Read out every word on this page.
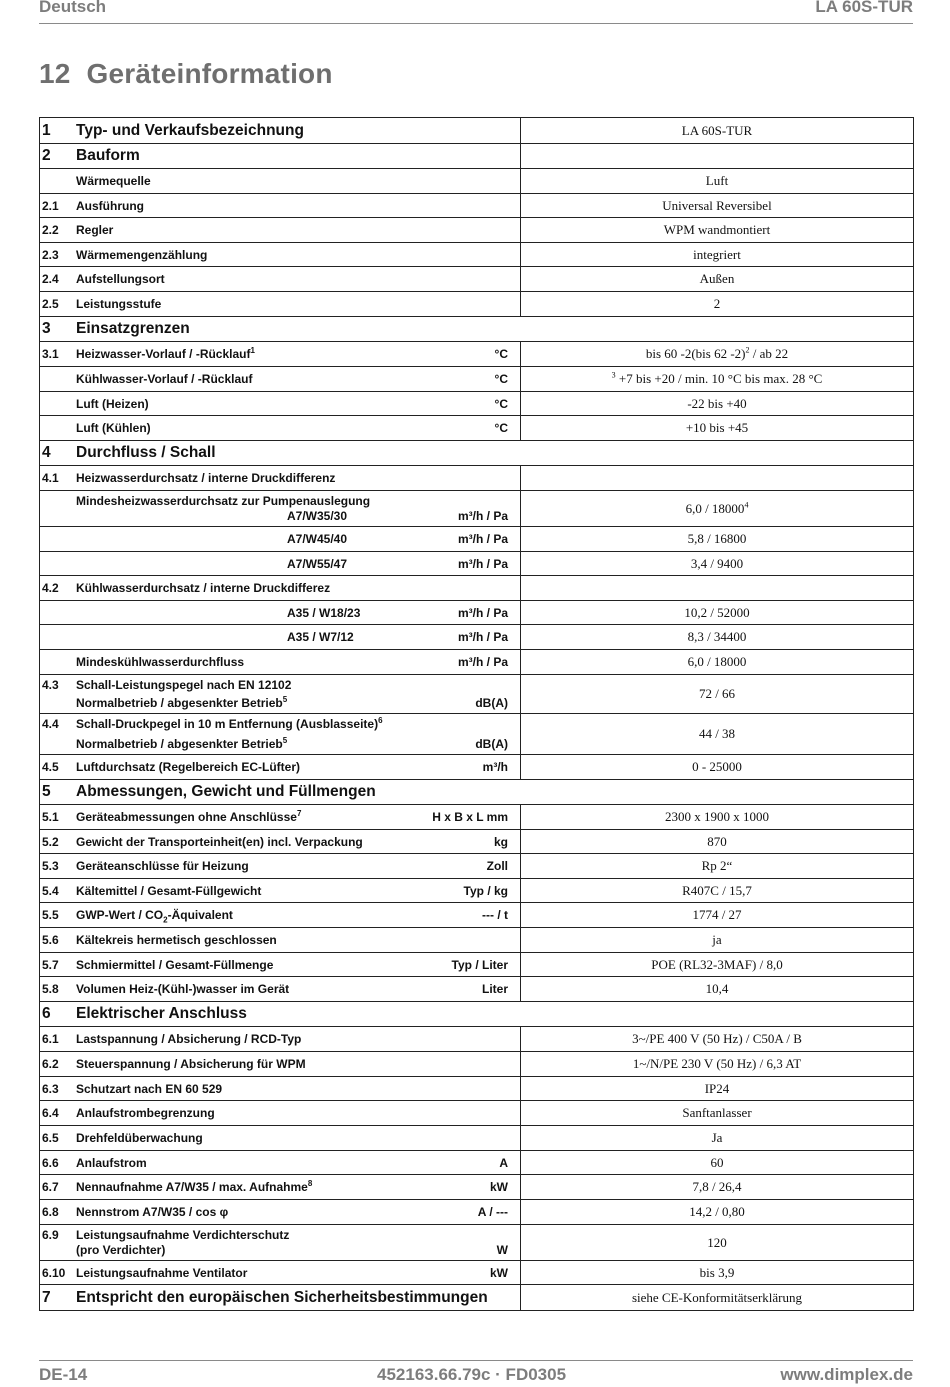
Deutsch	LA 60S-TUR
12 Geräteinformation
1 Typ- und Verkaufsbezeichnung	LA 60S-TUR

2 Bauform	

Wärmequelle	Luft

2.1 Ausführung	Universal Reversibel

2.2 Regler	WPM wandmontiert

2.3 Wärmemengenzählung	integriert

2.4 Aufstellungsort	Außen

2.5 Leistungsstufe	2

3 Einsatzgrenzen	

3.1 Heizwasser-Vorlauf / -Rücklauf$^1$ °C	bis 60 -2(bis 62 -2)$^2$ / ab 22

Kühlwasser-Vorlauf / -Rücklauf °C	$^3$ +7 bis +20 / min. 10 °C bis max. 28 °C

Luft (Heizen) °C	-22 bis +40

Luft (Kühlen) °C	+10 bis +45

4 Durchfluss / Schall	

4.1 Heizwasserdurchsatz / interne Druckdifferenz	

Mindesheizwasserdurchsatz zur Pumpenauslegung
A7/W35/30 m³/h / Pa	6,0 / 18000$^4$

A7/W45/40 m³/h / Pa	5,8 / 16800

A7/W55/47 m³/h / Pa	3,4 / 9400

4.2 Kühlwasserdurchsatz / interne Druckdifferez	

A35 / W18/23 m³/h / Pa	10,2 / 52000

A35 / W7/12 m³/h / Pa	8,3 / 34400

Mindeskühlwasserdurchfluss m³/h / Pa	6,0 / 18000

4.3 Schall-Leistungspegel nach EN 12102
Normalbetrieb / abgesenkter Betrieb$^5$ dB(A)	72 / 66

4.4 Schall-Druckpegel in 10 m Entfernung (Ausblasseite)$^6$
Normalbetrieb / abgesenkter Betrieb$^5$ dB(A)	44 / 38

4.5 Luftdurchsatz (Regelbereich EC-Lüfter) m³/h	0 - 25000

5 Abmessungen, Gewicht und Füllmengen	

5.1 Geräteabmessungen ohne Anschlüsse$^7$ H x B x L mm	2300 x 1900 x 1000

5.2 Gewicht der Transporteinheit(en) incl. Verpackung kg	870

5.3 Geräteanschlüsse für Heizung Zoll	Rp 2“

5.4 Kältemittel / Gesamt-Füllgewicht Typ / kg	R407C / 15,7

5.5 GWP-Wert / $CO_2$-Äquivalent --- / t	1774 / 27

5.6 Kältekreis hermetisch geschlossen	ja

5.7 Schmiermittel / Gesamt-Füllmenge Typ / Liter	POE (RL32-3MAF) / 8,0

5.8 Volumen Heiz-(Kühl-)wasser im Gerät Liter	10,4

6 Elektrischer Anschluss	

6.1 Lastspannung / Absicherung / RCD-Typ	3~/PE 400 V (50 Hz) / C50A / B

6.2 Steuerspannung / Absicherung für WPM	1~/N/PE 230 V (50 Hz) / 6,3 AT

6.3 Schutzart nach EN 60 529	IP24

6.4 Anlaufstrombegrenzung	Sanftanlasser

6.5 Drehfeldüberwachung	Ja

6.6 Anlaufstrom A	60

6.7 Nennaufnahme A7/W35 / max. Aufnahme$^8$ kW	7,8 / 26,4

6.8 Nennstrom A7/W35 / cos φ A / ---	14,2 / 0,80

6.9 Leistungsaufnahme Verdichterschutz
(pro Verdichter) W	120

6.10 Leistungsaufnahme Ventilator kW	bis 3,9

7 Entspricht den europäischen Sicherheitsbestimmungen	siehe CE-Konformitätserklärung
DE-14	452163.66.79c · FD0305	www.dimplex.de
